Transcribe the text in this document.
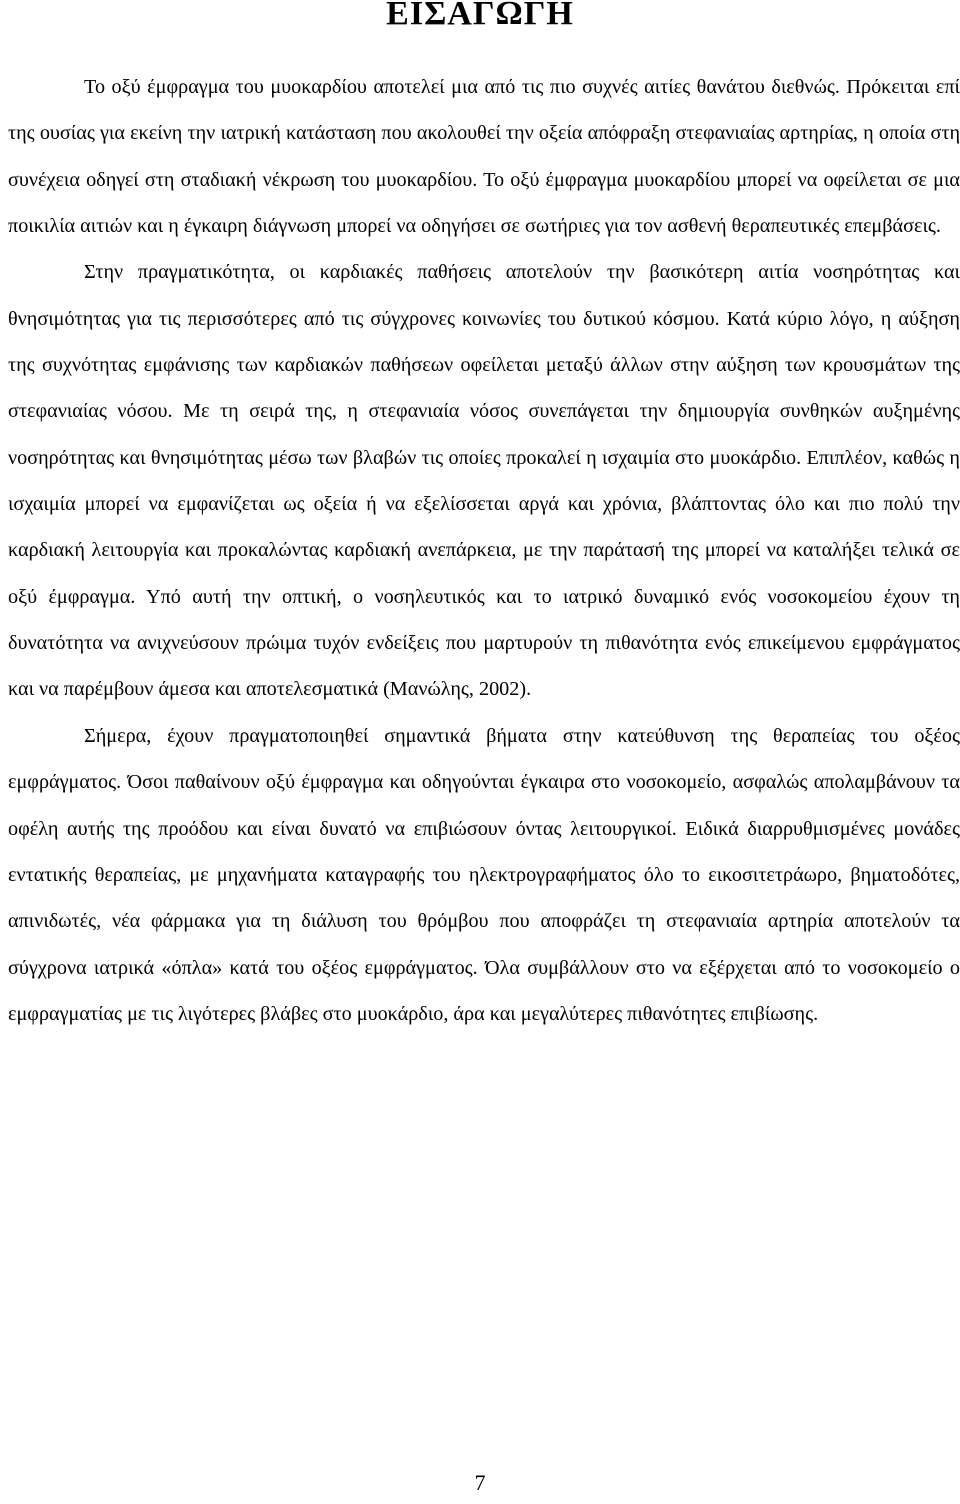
ΕΙΣΑΓΩΓΗ

Το οξύ έμφραγμα του μυοκαρδίου αποτελεί μια από τις πιο συχνές αιτίες θανάτου διεθνώς. Πρόκειται επί της ουσίας για εκείνη την ιατρική κατάσταση που ακολουθεί την οξεία απόφραξη στεφανιαίας αρτηρίας, η οποία στη συνέχεια οδηγεί στη σταδιακή νέκρωση του μυοκαρδίου. Το οξύ έμφραγμα μυοκαρδίου μπορεί να οφείλεται σε μια ποικιλία αιτιών και η έγκαιρη διάγνωση μπορεί να οδηγήσει σε σωτήριες για τον ασθενή θεραπευτικές επεμβάσεις.

Στην πραγματικότητα, οι καρδιακές παθήσεις αποτελούν την βασικότερη αιτία νοσηρότητας και θνησιμότητας για τις περισσότερες από τις σύγχρονες κοινωνίες του δυτικού κόσμου. Κατά κύριο λόγο, η αύξηση της συχνότητας εμφάνισης των καρδιακών παθήσεων οφείλεται μεταξύ άλλων στην αύξηση των κρουσμάτων της στεφανιαίας νόσου. Με τη σειρά της, η στεφανιαία νόσος συνεπάγεται την δημιουργία συνθηκών αυξημένης νοσηρότητας και θνησιμότητας μέσω των βλαβών τις οποίες προκαλεί η ισχαιμία στο μυοκάρδιο. Επιπλέον, καθώς η ισχαιμία μπορεί να εμφανίζεται ως οξεία ή να εξελίσσεται αργά και χρόνια, βλάπτοντας όλο και πιο πολύ την καρδιακή λειτουργία και προκαλώντας καρδιακή ανεπάρκεια, με την παράτασή της μπορεί να καταλήξει τελικά σε οξύ έμφραγμα. Υπό αυτή την οπτική, ο νοσηλευτικός και το ιατρικό δυναμικό ενός νοσοκομείου έχουν τη δυνατότητα να ανιχνεύσουν πρώιμα τυχόν ενδείξεις που μαρτυρούν τη πιθανότητα ενός επικείμενου εμφράγματος και να παρέμβουν άμεσα και αποτελεσματικά (Μανώλης, 2002).

Σήμερα, έχουν πραγματοποιηθεί σημαντικά βήματα στην κατεύθυνση της θεραπείας του οξέος εμφράγματος. Όσοι παθαίνουν οξύ έμφραγμα και οδηγούνται έγκαιρα στο νοσοκομείο, ασφαλώς απολαμβάνουν τα οφέλη αυτής της προόδου και είναι δυνατό να επιβιώσουν όντας λειτουργικοί. Ειδικά διαρρυθμισμένες μονάδες εντατικής θεραπείας, με μηχανήματα καταγραφής του ηλεκτρογραφήματος όλο το εικοσιτετράωρο, βηματοδότες, απινιδωτές, νέα φάρμακα για τη διάλυση του θρόμβου που αποφράζει τη στεφανιαία αρτηρία αποτελούν τα σύγχρονα ιατρικά «όπλα» κατά του οξέος εμφράγματος. Όλα συμβάλλουν στο να εξέρχεται από το νοσοκομείο ο εμφραγματίας με τις λιγότερες βλάβες στο μυοκάρδιο, άρα και μεγαλύτερες πιθανότητες επιβίωσης.

7
